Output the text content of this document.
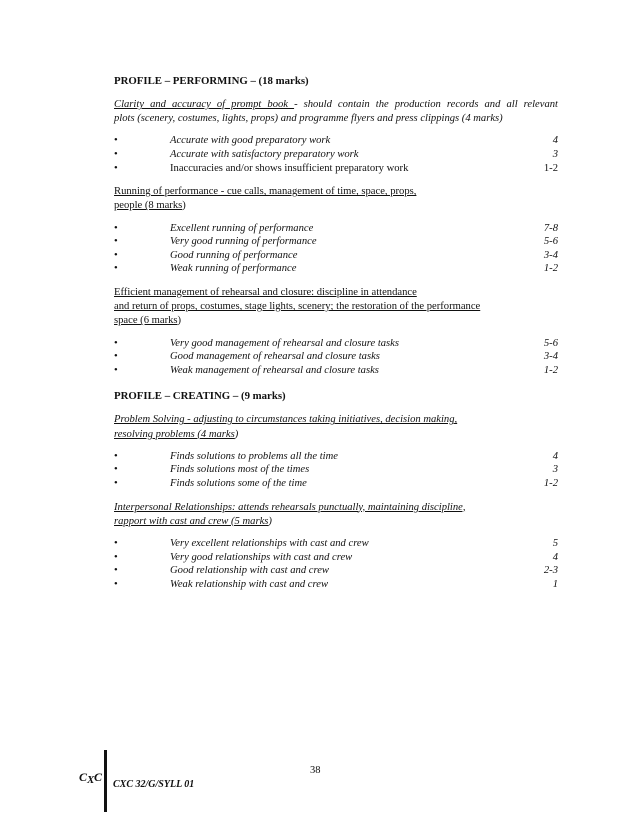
PROFILE – PERFORMING – (18 marks)
Clarity and accuracy of prompt book - should contain the production records and all relevant
plots (scenery, costumes, lights, props) and programme flyers and press clippings (4 marks)
•	Accurate with good preparatory work	4
•	Accurate with satisfactory preparatory work	3
•	Inaccuracies and/or shows insufficient preparatory work	1-2
Running of performance - cue calls, management of time, space, props,
people (8 marks)
•	Excellent running of performance	7-8
•	Very good running of performance	5-6
•	Good running of performance	3-4
•	Weak running of performance	1-2
Efficient management of rehearsal and closure: discipline in attendance
and return of props, costumes, stage lights, scenery; the restoration of the performance
space (6 marks)
•	Very good management of rehearsal and closure tasks	5-6
•	Good management of rehearsal and closure tasks	3-4
•	Weak management of rehearsal and closure tasks	1-2
PROFILE – CREATING – (9 marks)
Problem Solving - adjusting to circumstances taking initiatives, decision making,
resolving problems (4 marks)
•	Finds solutions to problems all the time	4
•	Finds solutions most of the times	3
•	Finds solutions some of the time	1-2
Interpersonal Relationships: attends rehearsals punctually, maintaining discipline,
rapport with cast and crew (5 marks)
•	Very excellent relationships with cast and crew	5
•	Very good relationships with cast and crew	4
•	Good relationship with cast and crew	2-3
•	Weak relationship with cast and crew	1
C X C	38
CXC 32/G/SYLL 01
